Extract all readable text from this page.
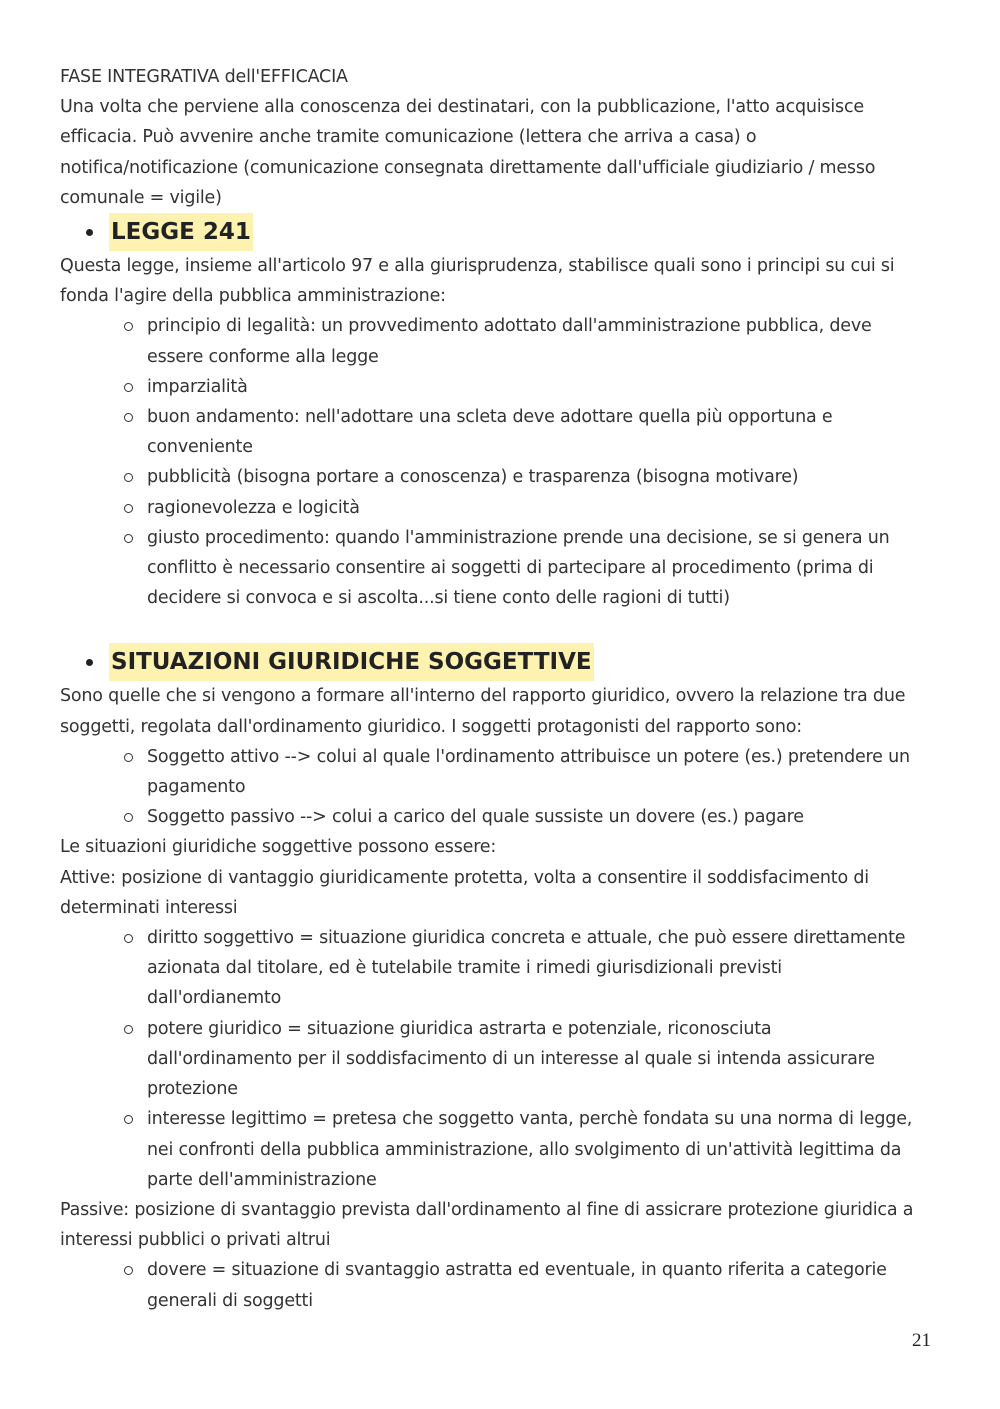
FASE INTEGRATIVA dell'EFFICACIA

Una volta che perviene alla conoscenza dei destinatari, con la pubblicazione, l'atto acquisisce

efficacia. Può avvenire anche tramite comunicazione (lettera che arriva a casa) o

notifica/notificazione (comunicazione consegnata direttamente dall'ufficiale giudiziario / messo

comunale = vigile)

LEGGE 241

Questa legge, insieme all'articolo 97 e alla giurisprudenza, stabilisce quali sono i principi su cui si

fonda l'agire della pubblica amministrazione:

principio di legalità: un provvedimento adottato dall'amministrazione pubblica, deve
essere conforme alla legge
imparzialità
buon andamento: nell'adottare una scleta deve adottare quella più opportuna e
conveniente
pubblicità (bisogna portare a conoscenza) e trasparenza (bisogna motivare)
ragionevolezza e logicità
giusto procedimento: quando l'amministrazione prende una decisione, se si genera un
conflitto è necessario consentire ai soggetti di partecipare al procedimento (prima di
decidere si convoca e si ascolta...si tiene conto delle ragioni di tutti)
SITUAZIONI GIURIDICHE SOGGETTIVE

Sono quelle che si vengono a formare all'interno del rapporto giuridico, ovvero la relazione tra due

soggetti, regolata dall'ordinamento giuridico. I soggetti protagonisti del rapporto sono:

Soggetto attivo --> colui al quale l'ordinamento attribuisce un potere (es.) pretendere un
pagamento
Soggetto passivo --> colui a carico del quale sussiste un dovere (es.) pagare

Le situazioni giuridiche soggettive possono essere:

Attive: posizione di vantaggio giuridicamente protetta, volta a consentire il soddisfacimento di

determinati interessi

diritto soggettivo = situazione giuridica concreta e attuale, che può essere direttamente
azionata dal titolare, ed è tutelabile tramite i rimedi giurisdizionali previsti
dall'ordianemto
potere giuridico = situazione giuridica astrarta e potenziale, riconosciuta
dall'ordinamento per il soddisfacimento di un interesse al quale si intenda assicurare
protezione
interesse legittimo = pretesa che soggetto vanta, perchè fondata su una norma di legge,
nei confronti della pubblica amministrazione, allo svolgimento di un'attività legittima da
parte dell'amministrazione

Passive: posizione di svantaggio prevista dall'ordinamento al fine di assicrare protezione giuridica a

interessi pubblici o privati altrui

dovere = situazione di svantaggio astratta ed eventuale, in quanto riferita a categorie
generali di soggetti
21
